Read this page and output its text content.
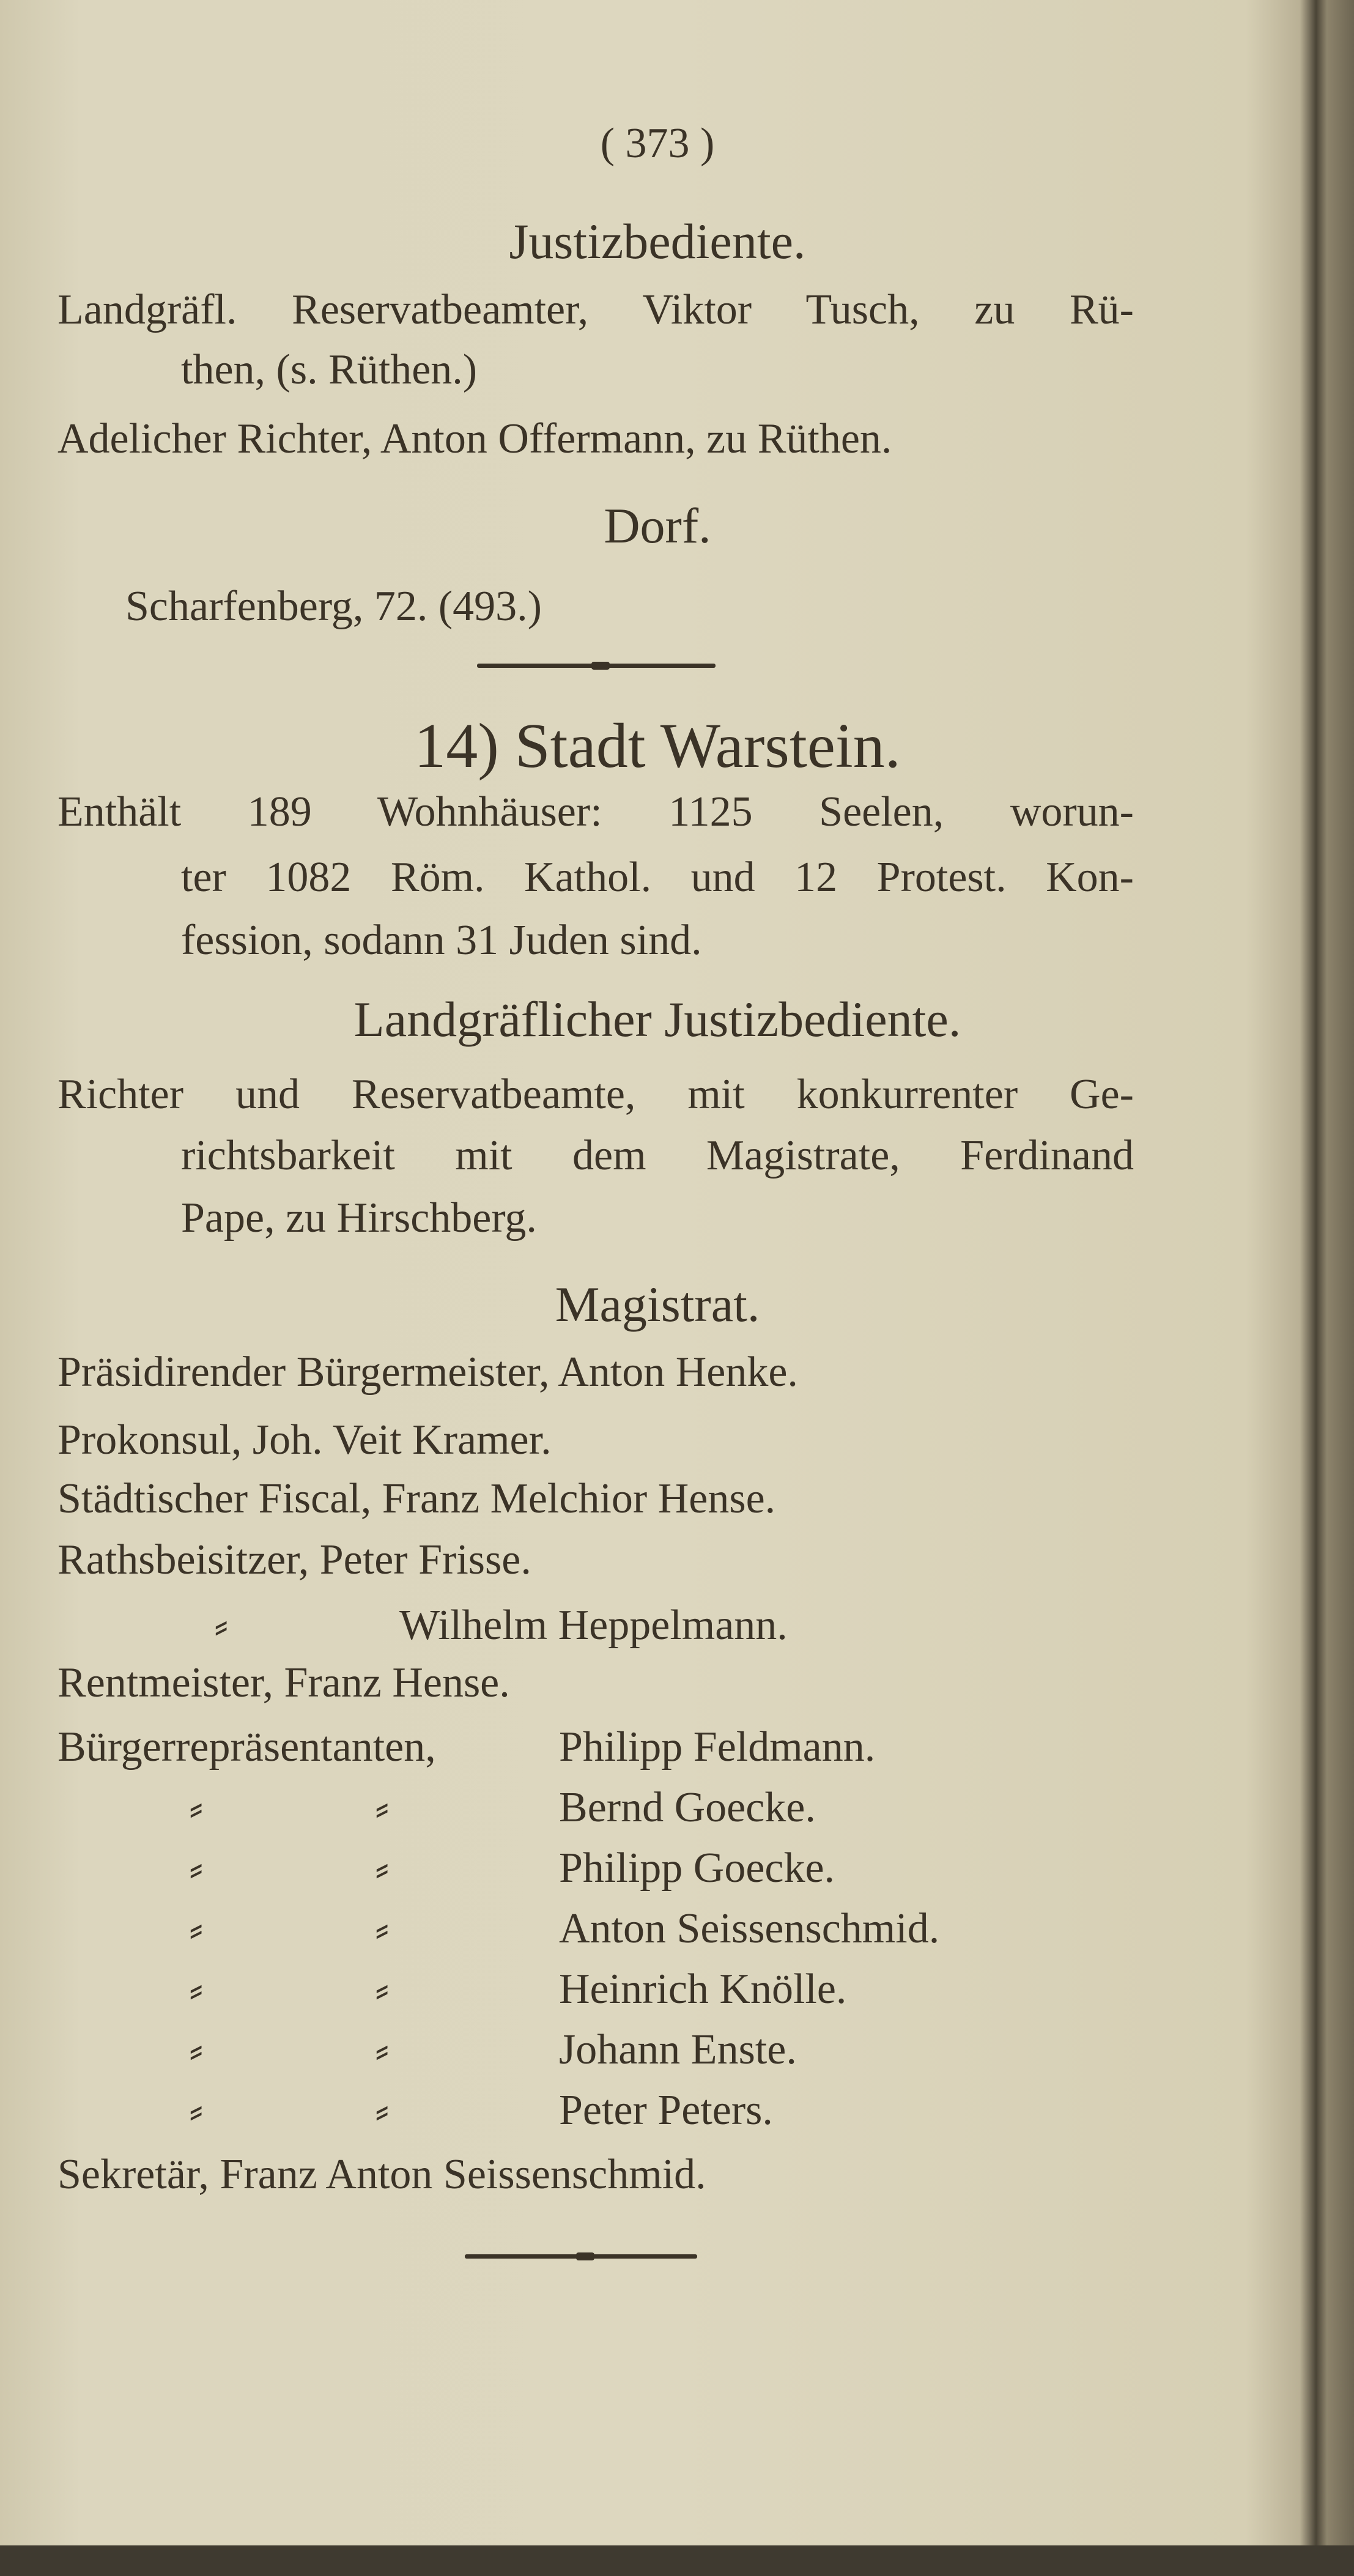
( 373 )
Justizbediente.
Landgräfl. Reservatbeamter, Viktor Tusch, zu Rü-
then, (s. Rüthen.)
Adelicher Richter, Anton Offermann, zu Rüthen.
Dorf.
Scharfenberg, 72. (493.)
14) Stadt Warstein.
Enthält 189 Wohnhäuser: 1125 Seelen, worun-
ter 1082 Röm. Kathol. und 12 Protest. Kon-
fession, sodann 31 Juden sind.
Landgräflicher Justizbediente.
Richter und Reservatbeamte, mit konkurrenter Ge-
richtsbarkeit mit dem Magistrate, Ferdinand
Pape, zu Hirschberg.
Magistrat.
Präsidirender Bürgermeister, Anton Henke.
Prokonsul, Joh. Veit Kramer.
Städtischer Fiscal, Franz Melchior Hense.
Rathsbeisitzer, Peter Frisse.
⸗	Wilhelm Heppelmann.
Rentmeister, Franz Hense.
Bürgerrepräsentanten,	Philipp Feldmann.
⸗	⸗	Bernd Goecke.
⸗	⸗	Philipp Goecke.
⸗	⸗	Anton Seissenschmid.
⸗	⸗	Heinrich Knölle.
⸗	⸗	Johann Enste.
⸗	⸗	Peter Peters.
Sekretär, Franz Anton Seissenschmid.
